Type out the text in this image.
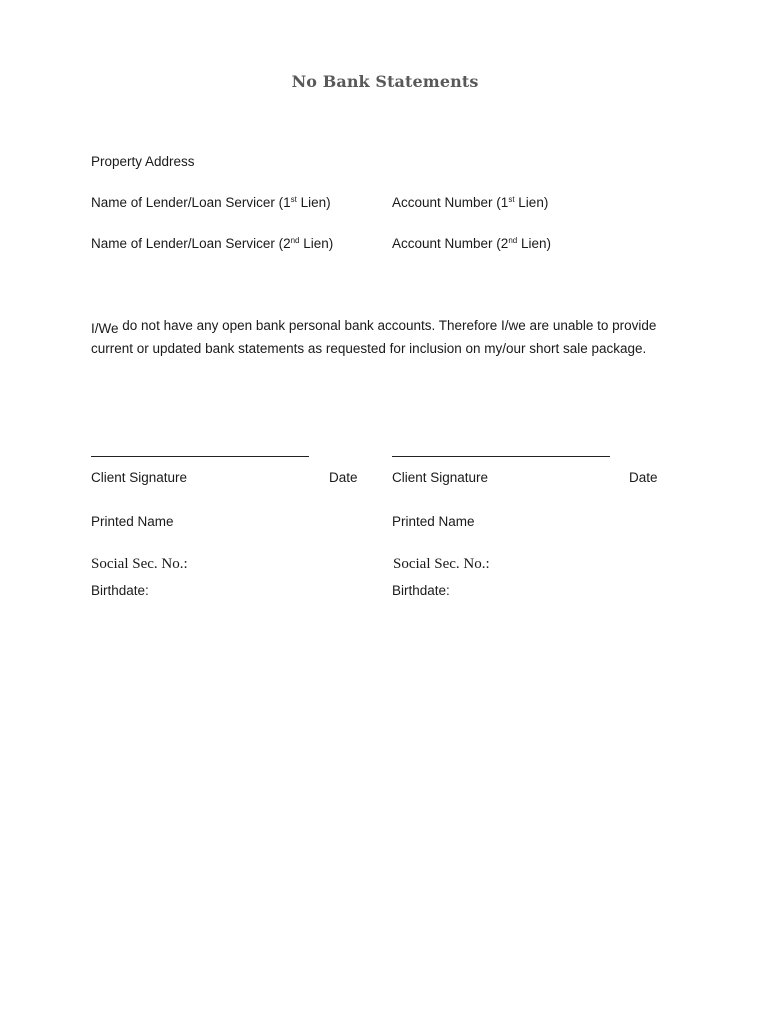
No Bank Statements
Property Address
Name of Lender/Loan Servicer (1st Lien)	Account Number (1st Lien)
Name of Lender/Loan Servicer (2nd Lien)	Account Number (2nd Lien)
I/We do not have any open bank personal bank accounts. Therefore I/we are unable to provide
current or updated bank statements as requested for inclusion on my/our short sale package.
Client Signature	Date	Client Signature	Date
Printed Name	Printed Name
Social Sec. No.:	Social Sec. No.:
Birthdate:	Birthdate:
